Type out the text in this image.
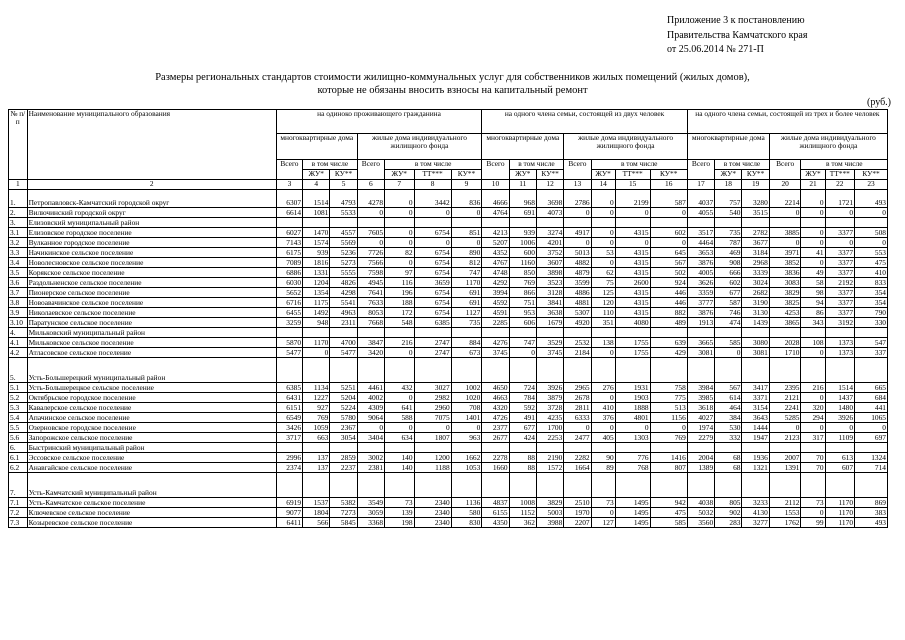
Приложение 3 к постановлению
Правительства Камчатского края
от 25.06.2014 № 271-П
Размеры региональных стандартов стоимости жилищно-коммунальных услуг для собственников жилых помещений (жилых домов),
которые не обязаны вносить взносы на капитальный ремонт
(руб.)
№ п/п	Наименование муниципального образования	на одиноко проживающего гражданина							на одного члена семьи, состоящей из двух человек							на одного члена семьи, состоящей из трех и более человек						
		многоквартирные дома			жилые дома индивидуального жилищного фонда				многоквартирные дома			жилые дома индивидуального жилищного фонда				многоквартирные дома			жилые дома индивидуального жилищного фонда			
		Всего	в том числе		Всего	в том числе			Всего	в том числе		Всего	в том числе			Всего	в том числе		Всего	в том числе		
			ЖУ*	КУ**		ЖУ*	ТТ***	КУ**		ЖУ*	КУ**		ЖУ*	ТТ***	КУ**		ЖУ*	КУ**		ЖУ*	ТТ***	КУ**
1	2	3	4	5	6	7	8	9	10	11	12	13	14	15	16	17	18	19	20	21	22	23
1.	Петропавловск-Камчатский городской округ	6307	1514	4793	4278	0	3442	836	4666	968	3698	2786	0	2199	587	4037	757	3280	2214	0	1721	493
2.	Вилючинский городской округ	6614	1081	5533	0	0	0	0	4764	691	4073	0	0	0	0	4055	540	3515	0	0	0	0
3.	Елизовский муниципальный район																					
3.1	Елизовское городское поселение	6027	1470	4557	7605	0	6754	851	4213	939	3274	4917	0	4315	602	3517	735	2782	3885	0	3377	508
3.2	Вулканное городское поселение	7143	1574	5569	0	0	0	0	5207	1006	4201	0	0	0	0	4464	787	3677	0	0	0	0
3.3	Начикинское сельское поселение	6175	939	5236	7726	82	6754	890	4352	600	3752	5013	53	4315	645	3653	469	3184	3971	41	3377	553
3.4	Новолесновское сельское поселение	7089	1816	5273	7566	0	6754	812	4767	1160	3607	4882	0	4315	567	3876	908	2968	3852	0	3377	475
3.5	Корякское сельское поселение	6886	1331	5555	7598	97	6754	747	4748	850	3898	4879	62	4315	502	4005	666	3339	3836	49	3377	410
3.6	Раздольненское сельское поселение	6030	1204	4826	4945	116	3659	1170	4292	769	3523	3599	75	2600	924	3626	602	3024	3083	58	2192	833
3.7	Пионерское сельское поселение	5652	1354	4298	7641	196	6754	691	3994	866	3128	4886	125	4315	446	3359	677	2682	3829	98	3377	354
3.8	Новоавачинское сельское поселение	6716	1175	5541	7633	188	6754	691	4592	751	3841	4881	120	4315	446	3777	587	3190	3825	94	3377	354
3.9	Николаевское сельское поселение	6455	1492	4963	8053	172	6754	1127	4591	953	3638	5307	110	4315	882	3876	746	3130	4253	86	3377	790
3.10	Паратунское сельское поселение	3259	948	2311	7668	548	6385	735	2285	606	1679	4920	351	4080	489	1913	474	1439	3865	343	3192	330
4.	Мильковский муниципальный район																					
4.1	Мильковское сельское поселение	5870	1170	4700	3847	216	2747	884	4276	747	3529	2532	138	1755	639	3665	585	3080	2028	108	1373	547
4.2	Атласовское сельское поселение	5477	0	5477	3420	0	2747	673	3745	0	3745	2184	0	1755	429	3081	0	3081	1710	0	1373	337
5.	Усть-Большерецкий муниципальный район																					
5.1	Усть-Большерецкое сельское поселение	6385	1134	5251	4461	432	3027	1002	4650	724	3926	2965	276	1931	758	3984	567	3417	2395	216	1514	665
5.2	Октябрьское городское поселение	6431	1227	5204	4002	0	2982	1020	4663	784	3879	2678	0	1903	775	3985	614	3371	2121	0	1437	684
5.3	Кавалерское сельское поселение	6151	927	5224	4309	641	2960	708	4320	592	3728	2811	410	1888	513	3618	464	3154	2241	320	1480	441
5.4	Апачинское сельское поселение	6549	769	5780	9064	588	7075	1401	4726	491	4235	6333	376	4801	1156	4027	384	3643	5285	294	3926	1065
5.5	Озерновское городское поселение	3426	1059	2367	0	0	0	0	2377	677	1700	0	0	0	0	1974	530	1444	0	0	0	0
5.6	Запорожское сельское поселение	3717	663	3054	3404	634	1807	963	2677	424	2253	2477	405	1303	769	2279	332	1947	2123	317	1109	697
6.	Быстринский муниципальный район																					
6.1	Эссовское сельское поселение	2996	137	2859	3002	140	1200	1662	2278	88	2190	2282	90	776	1416	2004	68	1936	2007	70	613	1324
6.2	Анавгайское сельское поселение	2374	137	2237	2381	140	1188	1053	1660	88	1572	1664	89	768	807	1389	68	1321	1391	70	607	714
7.	Усть-Камчатский муниципальный район																					
7.1	Усть-Камчатское сельское поселение	6919	1537	5382	3549	73	2340	1136	4837	1008	3829	2510	73	1495	942	4038	805	3233	2112	73	1170	869
7.2	Ключевское сельское поселение	9077	1804	7273	3059	139	2340	580	6155	1152	5003	1970	0	1495	475	5032	902	4130	1553	0	1170	383
7.3	Козыревское сельское поселение	6411	566	5845	3368	198	2340	830	4350	362	3988	2207	127	1495	585	3560	283	3277	1762	99	1170	493
